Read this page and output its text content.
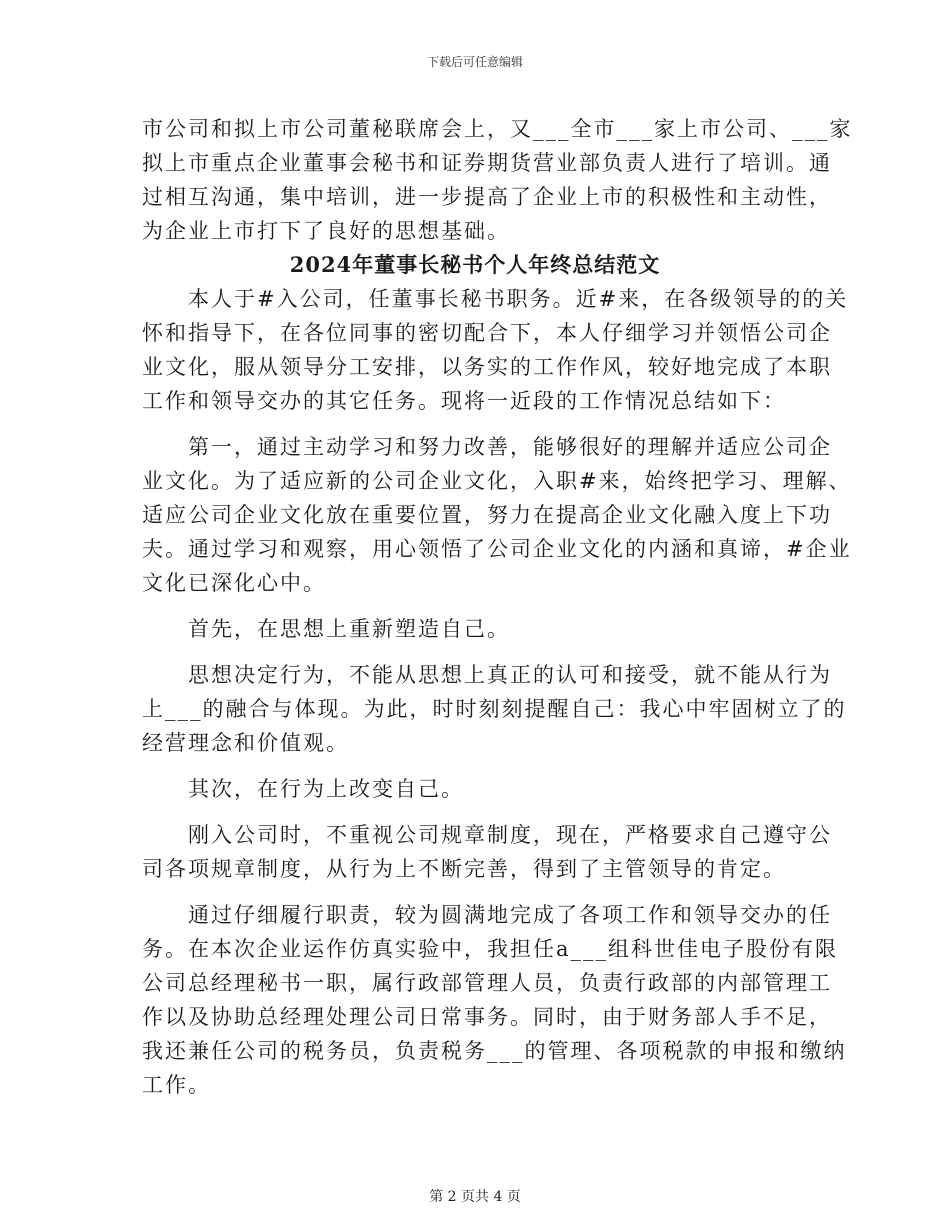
下载后可任意编辑

市公司和拟上市公司董秘联席会上，又___全市___家上市公司、___家

拟上市重点企业董事会秘书和证券期货营业部负责人进行了培训。通

过相互沟通，集中培训，进一步提高了企业上市的积极性和主动性，

为企业上市打下了良好的思想基础。

2024年董事长秘书个人年终总结范文

本人于#入公司，任董事长秘书职务。近#来，在各级领导的的关

怀和指导下，在各位同事的密切配合下，本人仔细学习并领悟公司企

业文化，服从领导分工安排，以务实的工作作风，较好地完成了本职

工作和领导交办的其它任务。现将一近段的工作情况总结如下：

第一，通过主动学习和努力改善，能够很好的理解并适应公司企

业文化。为了适应新的公司企业文化，入职#来，始终把学习、理解、

适应公司企业文化放在重要位置，努力在提高企业文化融入度上下功

夫。通过学习和观察，用心领悟了公司企业文化的内涵和真谛，#企业

文化已深化心中。

首先，在思想上重新塑造自己。

思想决定行为，不能从思想上真正的认可和接受，就不能从行为

上___的融合与体现。为此，时时刻刻提醒自己：我心中牢固树立了的

经营理念和价值观。

其次，在行为上改变自己。

刚入公司时，不重视公司规章制度，现在，严格要求自己遵守公

司各项规章制度，从行为上不断完善，得到了主管领导的肯定。

通过仔细履行职责，较为圆满地完成了各项工作和领导交办的任

务。在本次企业运作仿真实验中，我担任a___组科世佳电子股份有限

公司总经理秘书一职，属行政部管理人员，负责行政部的内部管理工

作以及协助总经理处理公司日常事务。同时，由于财务部人手不足，

我还兼任公司的税务员，负责税务___的管理、各项税款的申报和缴纳

工作。

第 2 页共 4 页
